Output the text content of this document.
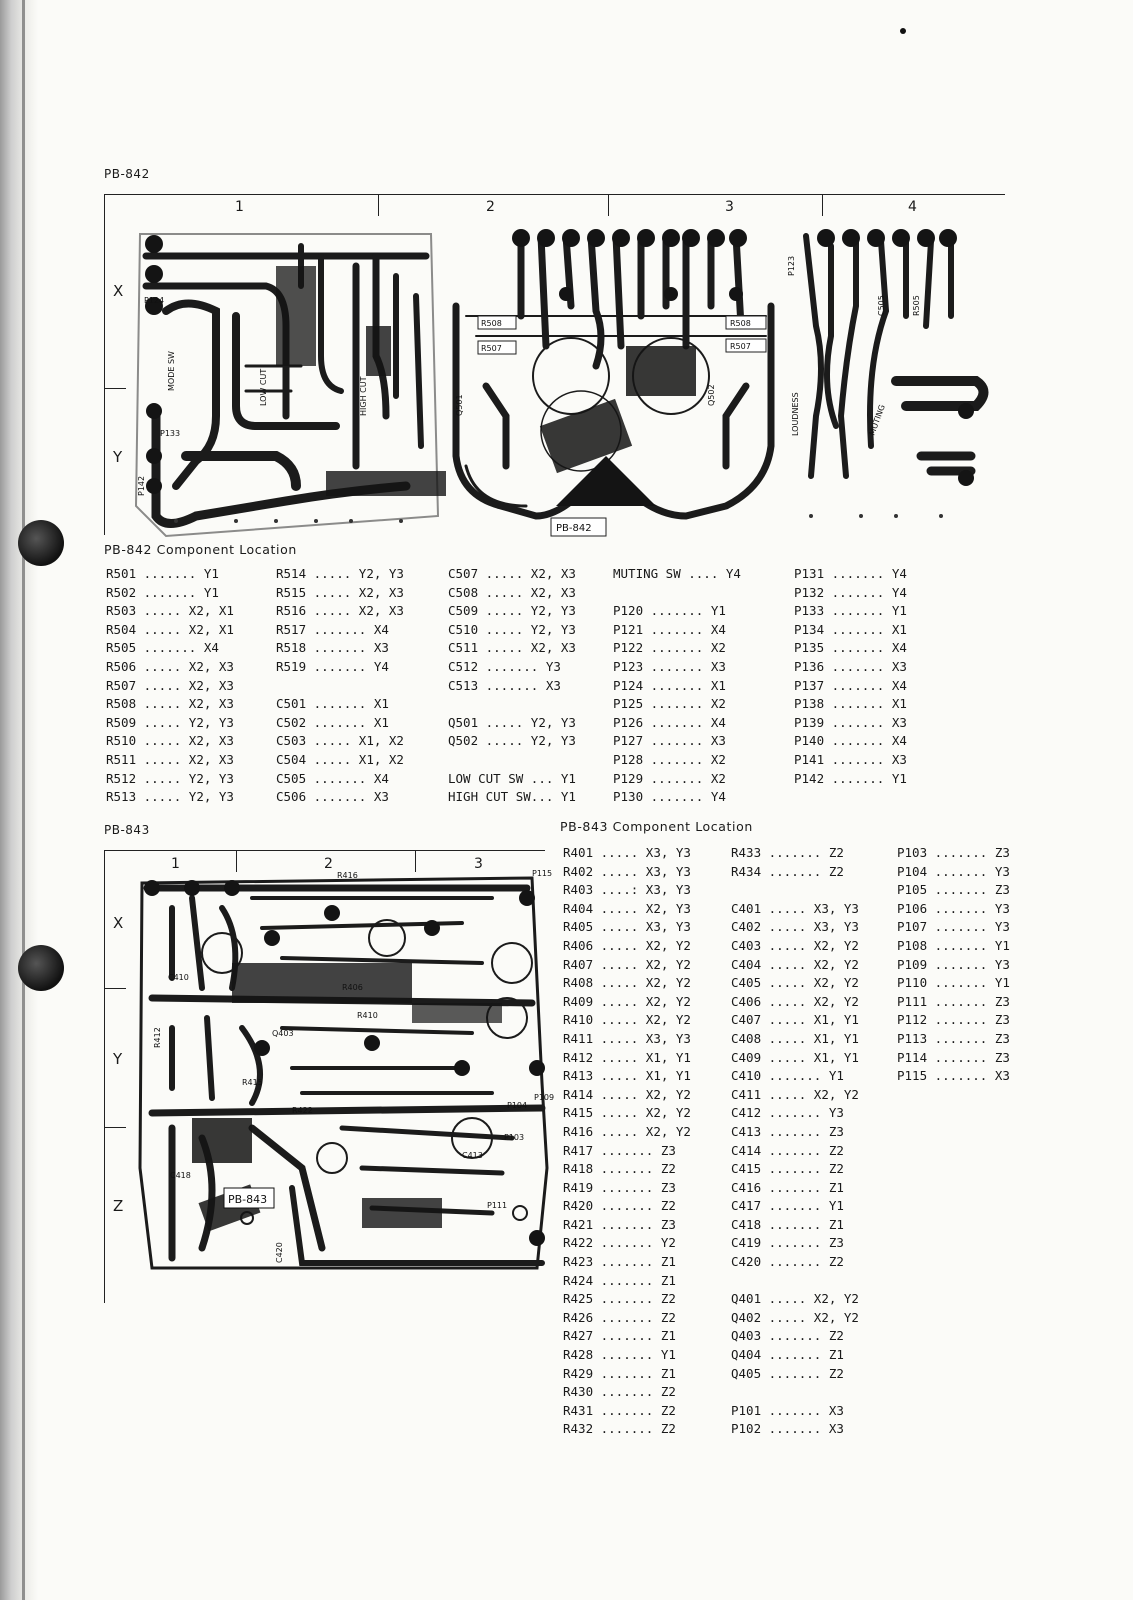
PB-842
1	2	3	4
X
Y
P124
P133
P142
MODE SW
HIGH CUT
LOW CUT
R508
R507
R508
R507
Q501	Q502	LOUDNESS	MUTING
P123
R505
C505
PB-842
PB-842 Component Location
R501 ....... Y1
R502 ....... Y1
R503 ..... X2, X1
R504 ..... X2, X1
R505 ....... X4
R506 ..... X2, X3
R507 ..... X2, X3
R508 ..... X2, X3
R509 ..... Y2, Y3
R510 ..... X2, X3
R511 ..... X2, X3
R512 ..... Y2, Y3
R513 ..... Y2, Y3
R514 ..... Y2, Y3
R515 ..... X2, X3
R516 ..... X2, X3
R517 ....... X4
R518 ....... X3
R519 ....... Y4
C501 ....... X1
C502 ....... X1
C503 ..... X1, X2
C504 ..... X1, X2
C505 ....... X4
C506 ....... X3
C507 ..... X2, X3
C508 ..... X2, X3
C509 ..... Y2, Y3
C510 ..... Y2, Y3
C511 ..... X2, X3
C512 ....... Y3
C513 ....... X3
Q501 ..... Y2, Y3
Q502 ..... Y2, Y3
LOW CUT SW ... Y1
HIGH CUT SW... Y1
MUTING SW .... Y4
P120 ....... Y1
P121 ....... X4
P122 ....... X2
P123 ....... X3
P124 ....... X1
P125 ....... X2
P126 ....... X4
P127 ....... X3
P128 ....... X2
P129 ....... X2
P130 ....... Y4
P131 ....... Y4
P132 ....... Y4
P133 ....... Y1
P134 ....... X1
P135 ....... X4
P136 ....... X3
P137 ....... X4
P138 ....... X1
P139 ....... X3
P140 ....... X4
P141 ....... X3
P142 ....... Y1
PB-843
1	2	3
X
Y
Z
P115
P109
P104
P103
P111
R406
R410
R415
R422
R416
R412
C420
Q403
C410
C418
C413
PB-843
PB-843 Component Location
R401 ..... X3, Y3
R402 ..... X3, Y3
R403 ....: X3, Y3
R404 ..... X2, Y3
R405 ..... X3, Y3
R406 ..... X2, Y2
R407 ..... X2, Y2
R408 ..... X2, Y2
R409 ..... X2, Y2
R410 ..... X2, Y2
R411 ..... X3, Y3
R412 ..... X1, Y1
R413 ..... X1, Y1
R414 ..... X2, Y2
R415 ..... X2, Y2
R416 ..... X2, Y2
R417 ....... Z3
R418 ....... Z2
R419 ....... Z3
R420 ....... Z2
R421 ....... Z3
R422 ....... Y2
R423 ....... Z1
R424 ....... Z1
R425 ....... Z2
R426 ....... Z2
R427 ....... Z1
R428 ....... Y1
R429 ....... Z1
R430 ....... Z2
R431 ....... Z2
R432 ....... Z2
R433 ....... Z2
R434 ....... Z2
C401 ..... X3, Y3
C402 ..... X3, Y3
C403 ..... X2, Y2
C404 ..... X2, Y2
C405 ..... X2, Y2
C406 ..... X2, Y2
C407 ..... X1, Y1
C408 ..... X1, Y1
C409 ..... X1, Y1
C410 ....... Y1
C411 ..... X2, Y2
C412 ....... Y3
C413 ....... Z3
C414 ....... Z2
C415 ....... Z2
C416 ....... Z1
C417 ....... Y1
C418 ....... Z1
C419 ....... Z3
C420 ....... Z2
Q401 ..... X2, Y2
Q402 ..... X2, Y2
Q403 ....... Z2
Q404 ....... Z1
Q405 ....... Z2
P101 ....... X3
P102 ....... X3
P103 ....... Z3
P104 ....... Y3
P105 ....... Z3
P106 ....... Y3
P107 ....... Y3
P108 ....... Y1
P109 ....... Y3
P110 ....... Y1
P111 ....... Z3
P112 ....... Z3
P113 ....... Z3
P114 ....... Z3
P115 ....... X3
